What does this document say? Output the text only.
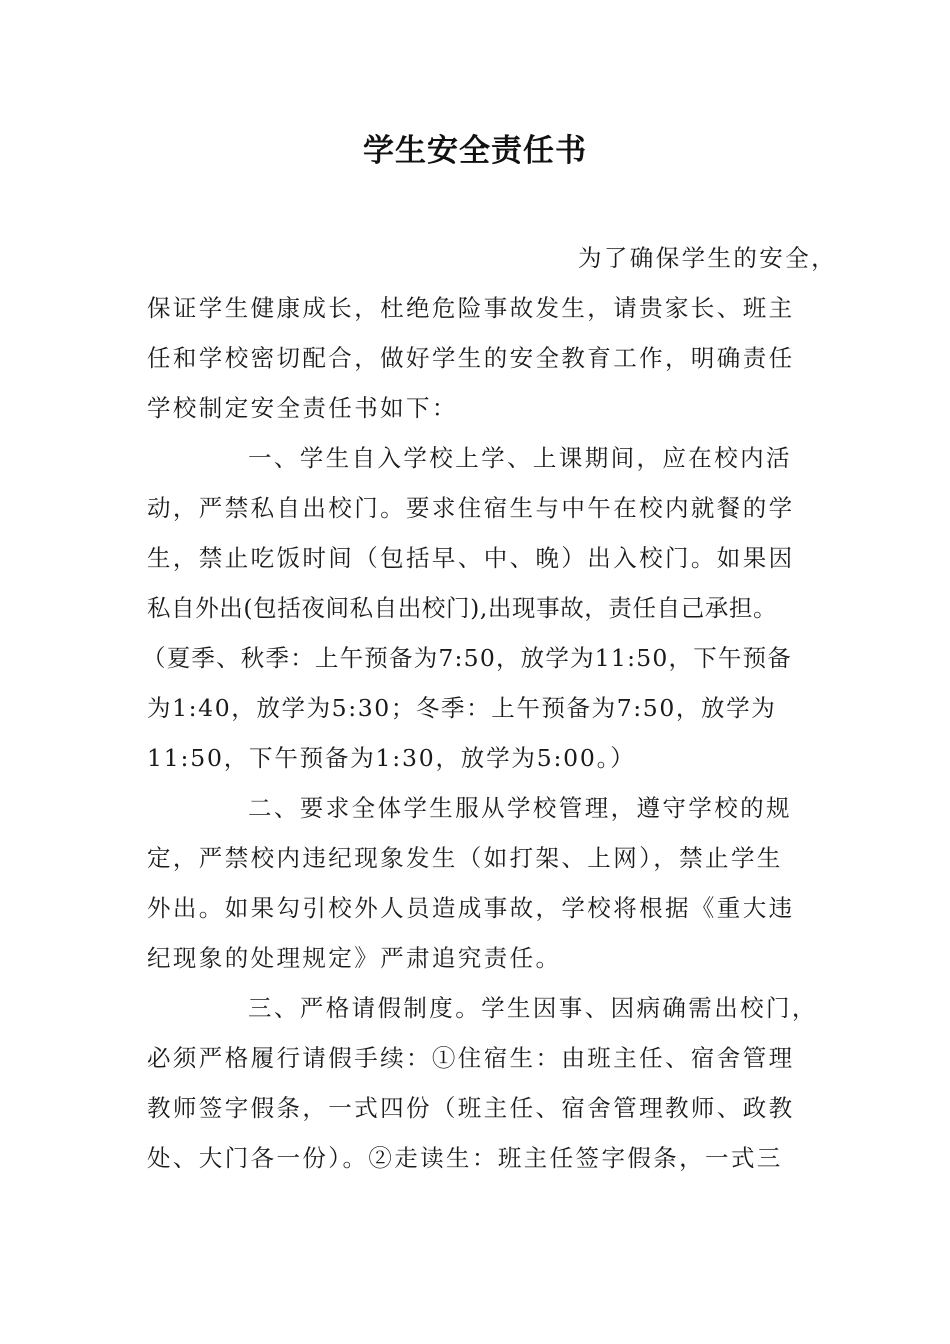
学生安全责任书
为了确保学生的安全，
保证学生健康成长，杜绝危险事故发生，请贵家长、班主
任和学校密切配合，做好学生的安全教育工作，明确责任
学校制定安全责任书如下：
一、学生自入学校上学、上课期间，应在校内活
动，严禁私自出校门。要求住宿生与中午在校内就餐的学
生，禁止吃饭时间（包括早、中、晚）出入校门。如果因
私自外出(包括夜间私自出校门),出现事故，责任自己承担。
（夏季、秋季：上午预备为7:50，放学为11:50，下午预备
为1:40，放学为5:30；冬季：上午预备为7:50，放学为
11:50，下午预备为1:30，放学为5:00。）
二、要求全体学生服从学校管理，遵守学校的规
定，严禁校内违纪现象发生（如打架、上网），禁止学生
外出。如果勾引校外人员造成事故，学校将根据《重大违
纪现象的处理规定》严肃追究责任。
三、严格请假制度。学生因事、因病确需出校门，
必须严格履行请假手续：①住宿生：由班主任、宿舍管理
教师签字假条，一式四份（班主任、宿舍管理教师、政教
处、大门各一份）。②走读生：班主任签字假条，一式三
